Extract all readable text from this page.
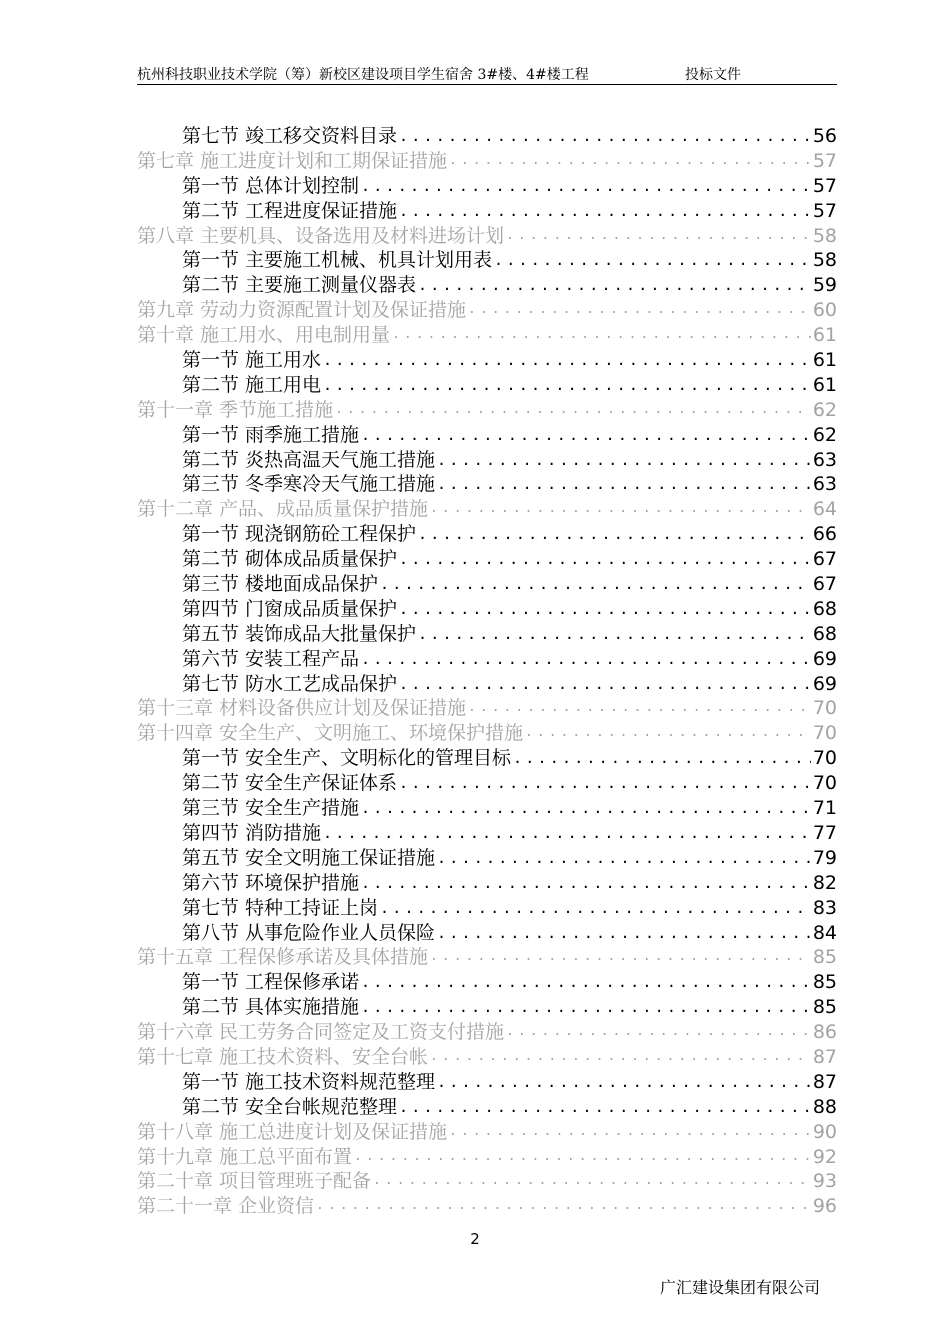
杭州科技职业技术学院（筹）新校区建设项目学生宿舍 3#楼、4#楼工程	投标文件
第七节 竣工移交资料目录 .....	56
第七章 施工进度计划和工期保证措施 .....	57
第一节 总体计划控制 .....	57
第二节 工程进度保证措施 .....	57
第八章 主要机具、设备选用及材料进场计划 .....	58
第一节 主要施工机械、机具计划用表 .....	58
第二节 主要施工测量仪器表 .....	59
第九章 劳动力资源配置计划及保证措施 .....	60
第十章 施工用水、用电制用量 .....	61
第一节 施工用水 .....	61
第二节 施工用电 .....	61
第十一章 季节施工措施 .....	62
第一节 雨季施工措施 .....	62
第二节 炎热高温天气施工措施 .....	63
第三节 冬季寒冷天气施工措施 .....	63
第十二章 产品、成品质量保护措施 .....	64
第一节 现浇钢筋砼工程保护 .....	66
第二节 砌体成品质量保护 .....	67
第三节 楼地面成品保护 .....	67
第四节 门窗成品质量保护 .....	68
第五节 装饰成品大批量保护 .....	68
第六节 安装工程产品 .....	69
第七节 防水工艺成品保护 .....	69
第十三章 材料设备供应计划及保证措施 .....	70
第十四章 安全生产、文明施工、环境保护措施 .....	70
第一节 安全生产、文明标化的管理目标 .....	70
第二节 安全生产保证体系 .....	70
第三节 安全生产措施 .....	71
第四节 消防措施 .....	77
第五节 安全文明施工保证措施 .....	79
第六节 环境保护措施 .....	82
第七节 特种工持证上岗 .....	83
第八节 从事危险作业人员保险 .....	84
第十五章 工程保修承诺及具体措施 .....	85
第一节 工程保修承诺 .....	85
第二节 具体实施措施 .....	85
第十六章 民工劳务合同签定及工资支付措施 .....	86
第十七章 施工技术资料、安全台帐 .....	87
第一节 施工技术资料规范整理 .....	87
第二节 安全台帐规范整理 .....	88
第十八章 施工总进度计划及保证措施 .....	90
第十九章 施工总平面布置 .....	92
第二十章 项目管理班子配备 .....	93
第二十一章 企业资信 .....	96
2
广汇建设集团有限公司
